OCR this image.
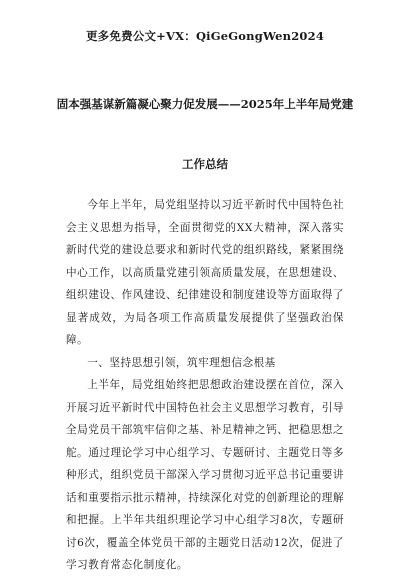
更多免费公文+VX：QiGeGongWen2024
固本强基谋新篇凝心聚力促发展——2025年上半年局党建
工作总结

今年上半年，局党组坚持以习近平新时代中国特色社会主义思想为指导，全面贯彻党的XX大精神，深入落实新时代党的建设总要求和新时代党的组织路线，紧紧围绕中心工作，以高质量党建引领高质量发展，在思想建设、组织建设、作风建设、纪律建设和制度建设等方面取得了显著成效，为局各项工作高质量发展提供了坚强政治保障。

一、坚持思想引领，筑牢理想信念根基

上半年，局党组始终把思想政治建设摆在首位，深入开展习近平新时代中国特色社会主义思想学习教育，引导全局党员干部筑牢信仰之基、补足精神之钙、把稳思想之舵。通过理论学习中心组学习、专题研讨、主题党日等多种形式，组织党员干部深入学习贯彻习近平总书记重要讲话和重要指示批示精神，持续深化对党的创新理论的理解和把握。上半年共组织理论学习中心组学习8次，专题研讨6次，覆盖全体党员干部的主题党日活动12次，促进了学习教育常态化制度化。
